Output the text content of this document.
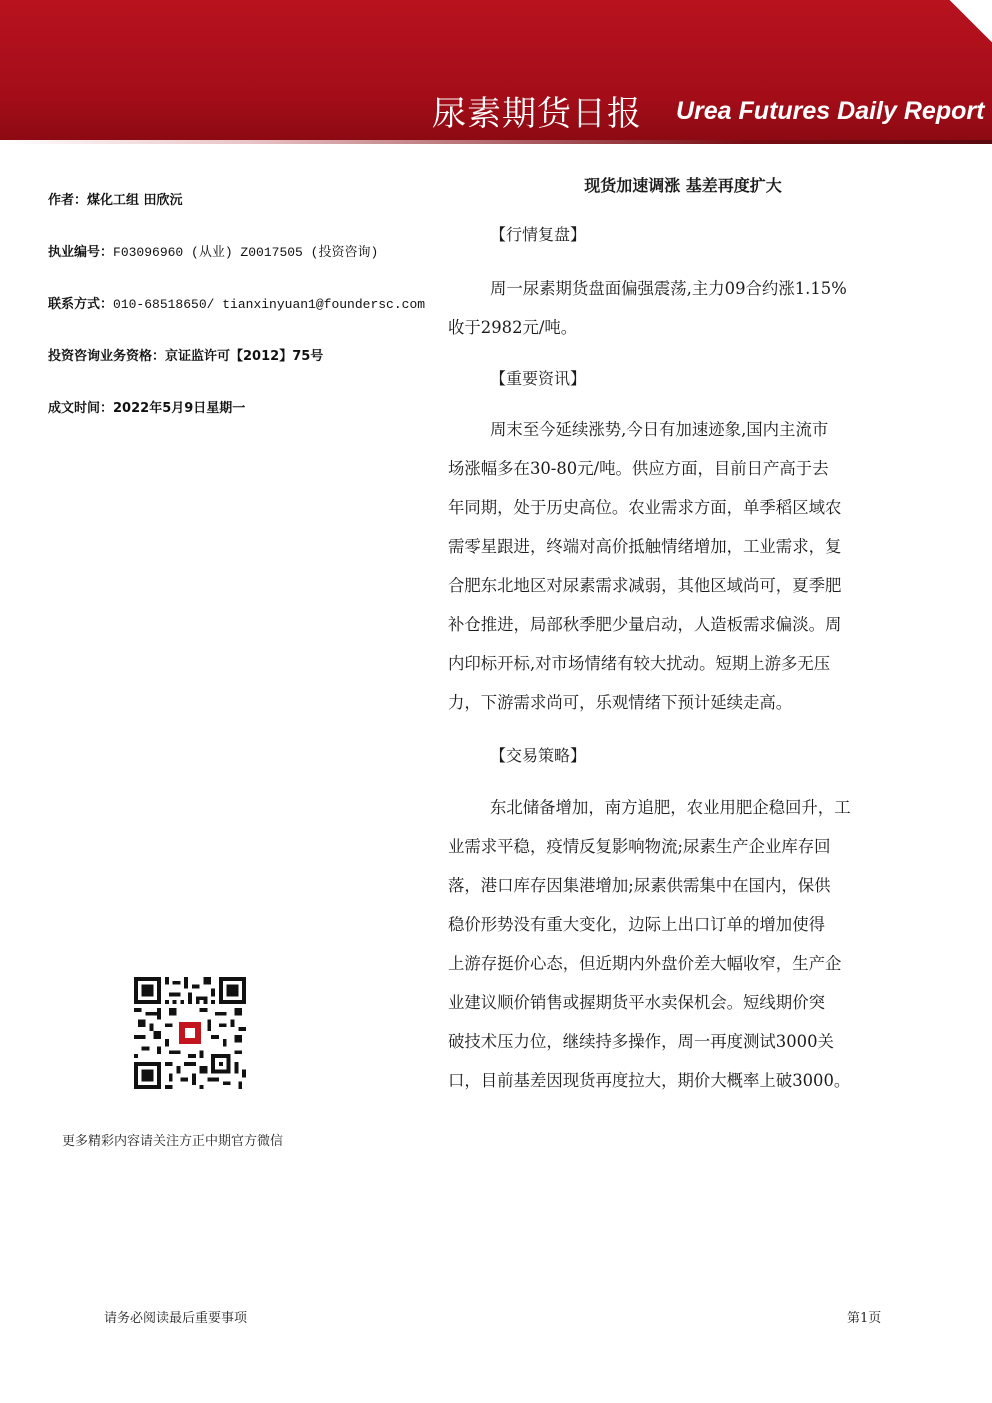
尿素期货日报 Urea Futures Daily Report
作者：煤化工组 田欣沅
执业编号：F03096960 (从业) Z0017505 (投资咨询)
联系方式：010-68518650/ tianxinyuan1@foundersc.com
投资咨询业务资格：京证监许可【2012】75号
成文时间：2022年5月9日星期一
更多精彩内容请关注方正中期官方微信
现货加速调涨 基差再度扩大
【行情复盘】
周一尿素期货盘面偏强震荡,主力09合约涨1.15%
收于2982元/吨。
【重要资讯】
周末至今延续涨势,今日有加速迹象,国内主流市
场涨幅多在30-80元/吨。供应方面，目前日产高于去
年同期，处于历史高位。农业需求方面，单季稻区域农
需零星跟进，终端对高价抵触情绪增加，工业需求，复
合肥东北地区对尿素需求减弱，其他区域尚可，夏季肥
补仓推进，局部秋季肥少量启动，人造板需求偏淡。周
内印标开标,对市场情绪有较大扰动。短期上游多无压
力，下游需求尚可，乐观情绪下预计延续走高。
【交易策略】
东北储备增加，南方追肥，农业用肥企稳回升，工
业需求平稳，疫情反复影响物流;尿素生产企业库存回
落，港口库存因集港增加;尿素供需集中在国内，保供
稳价形势没有重大变化，边际上出口订单的增加使得
上游存挺价心态，但近期内外盘价差大幅收窄，生产企
业建议顺价销售或握期货平水卖保机会。短线期价突
破技术压力位，继续持多操作，周一再度测试3000关
口，目前基差因现货再度拉大，期价大概率上破3000。
请务必阅读最后重要事项	第1页
